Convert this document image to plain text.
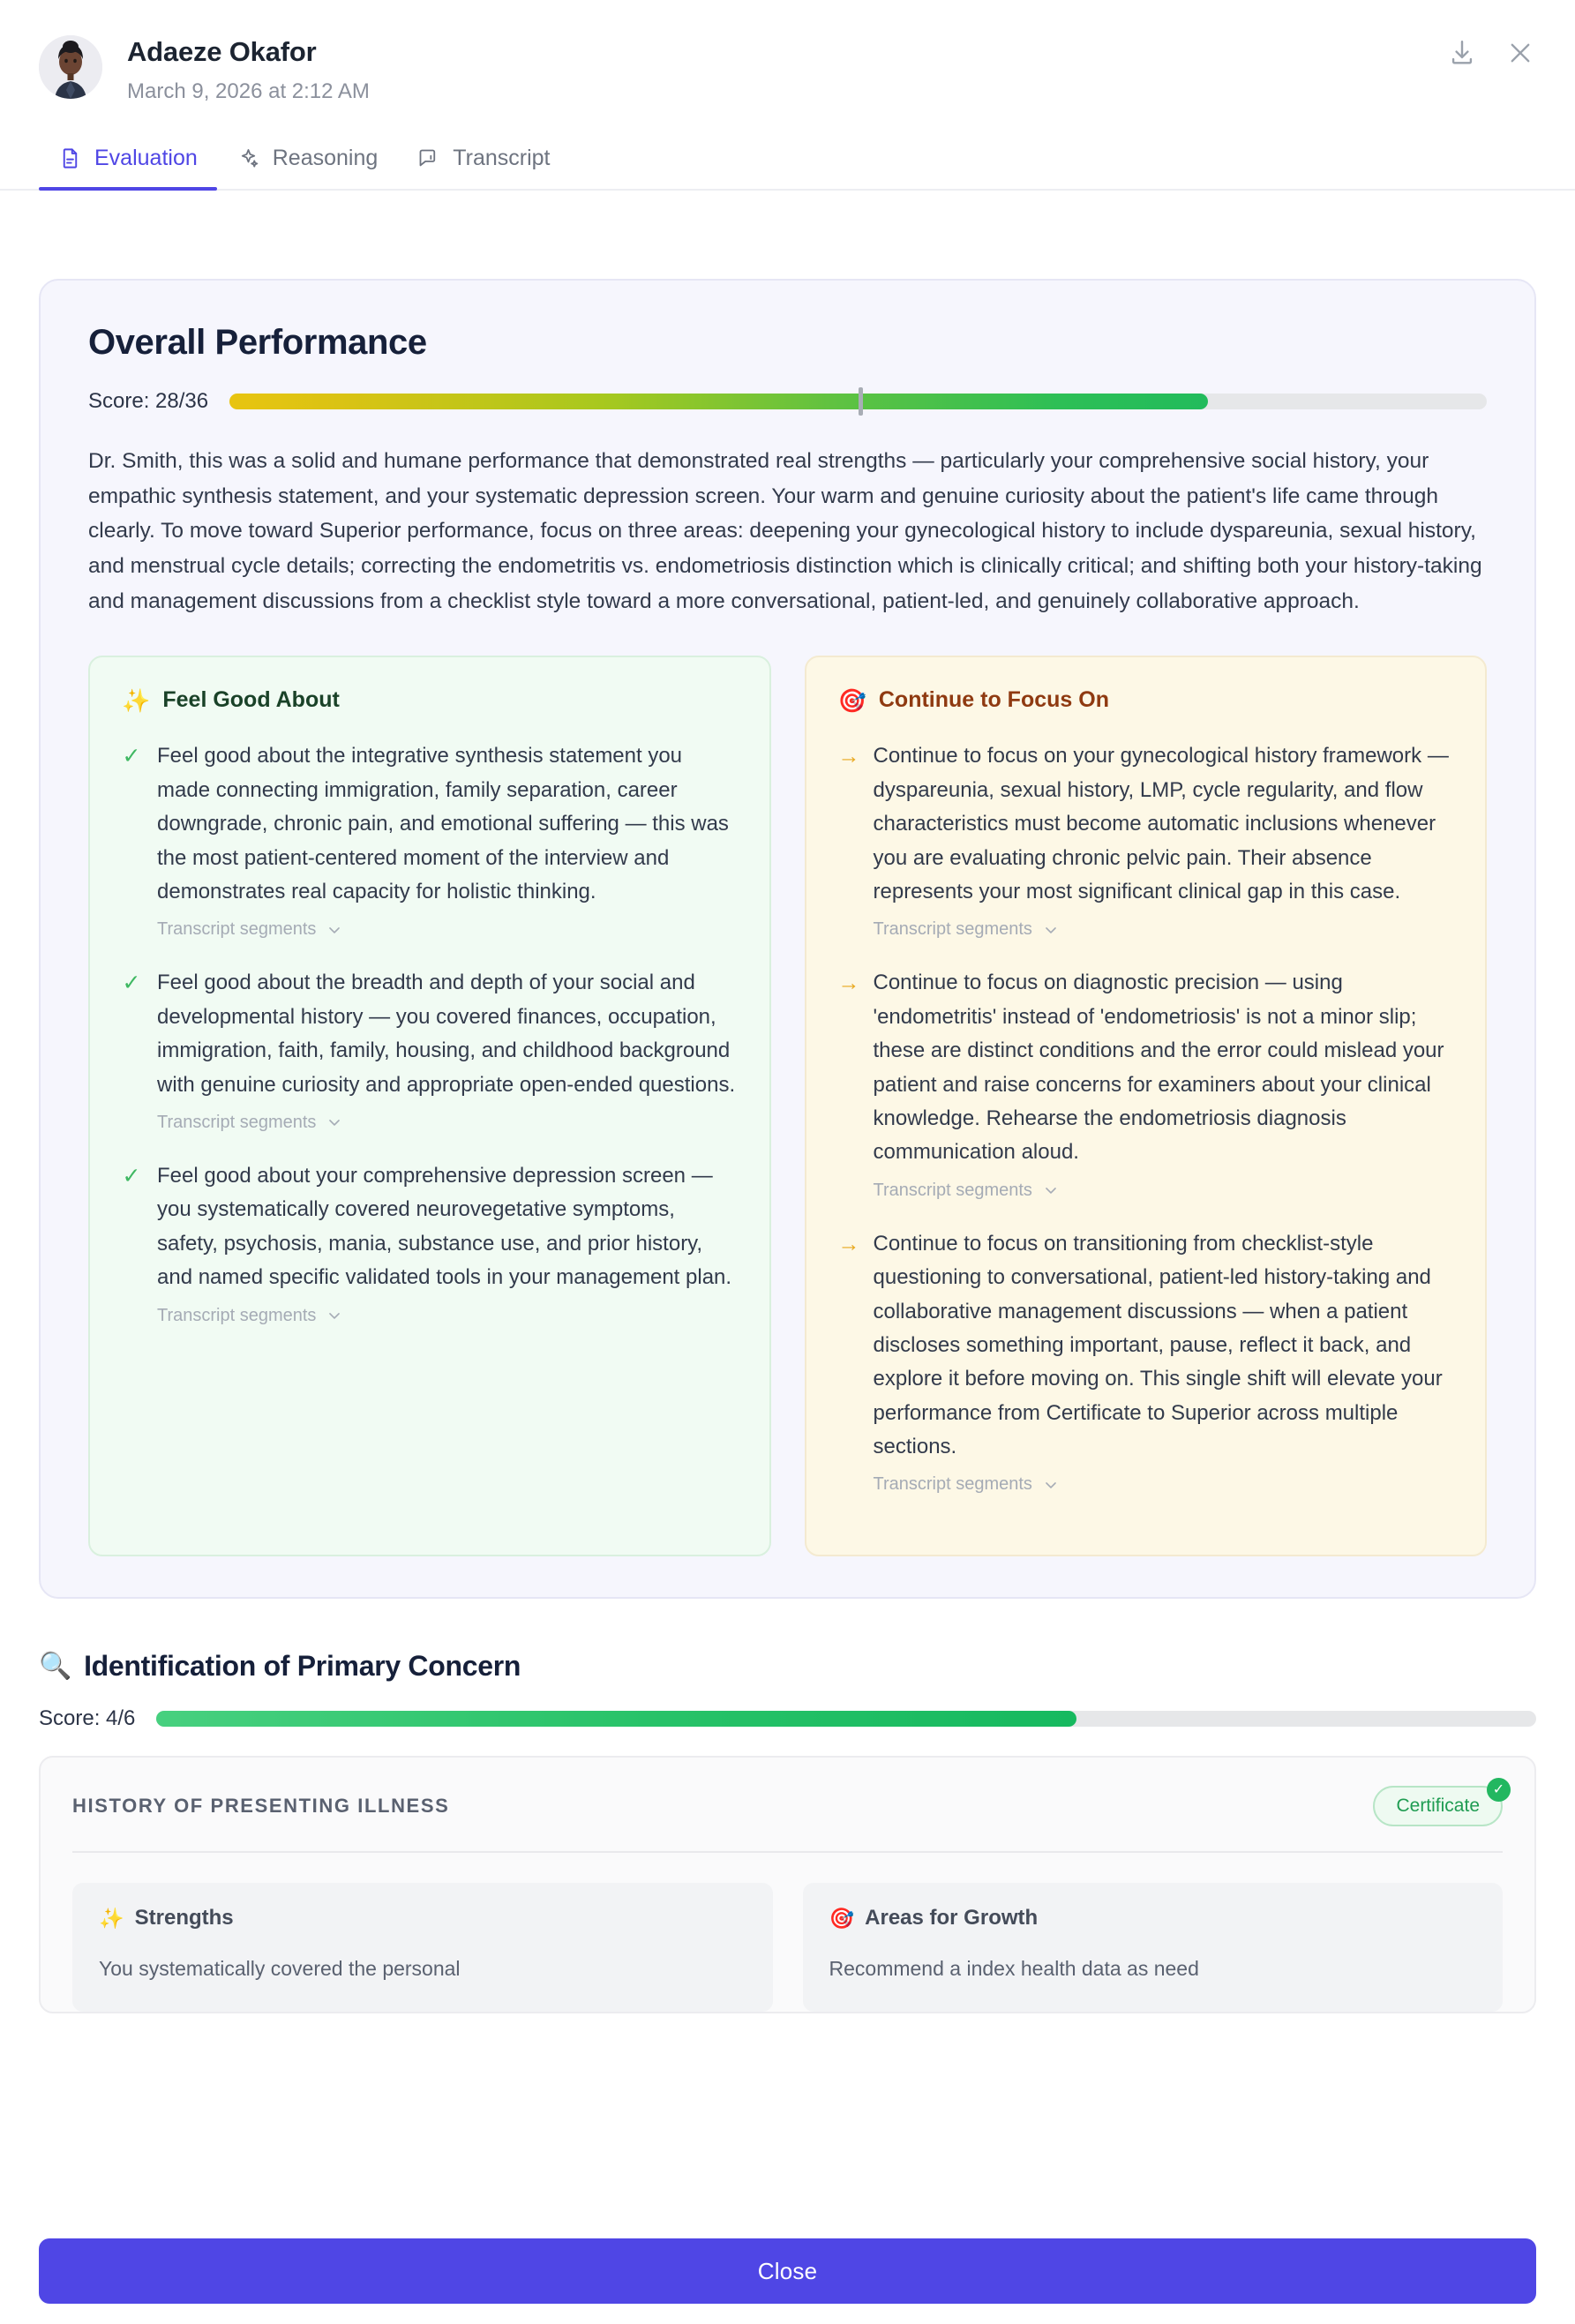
Adaeze Okafor
March 9, 2026 at 2:12 AM
Evaluation	Reasoning	Transcript
Overall Performance
Score: 28/36
Dr. Smith, this was a solid and humane performance that demonstrated real strengths — particularly your comprehensive social history, your empathic synthesis statement, and your systematic depression screen. Your warm and genuine curiosity about the patient's life came through clearly. To move toward Superior performance, focus on three areas: deepening your gynecological history to include dyspareunia, sexual history, and menstrual cycle details; correcting the endometritis vs. endometriosis distinction which is clinically critical; and shifting both your history-taking and management discussions from a checklist style toward a more conversational, patient-led, and genuinely collaborative approach.
✨ Feel Good About
✓ Feel good about the integrative synthesis statement you made connecting immigration, family separation, career downgrade, chronic pain, and emotional suffering — this was the most patient-centered moment of the interview and demonstrates real capacity for holistic thinking.
Transcript segments
✓ Feel good about the breadth and depth of your social and developmental history — you covered finances, occupation, immigration, faith, family, housing, and childhood background with genuine curiosity and appropriate open-ended questions.
Transcript segments
✓ Feel good about your comprehensive depression screen — you systematically covered neurovegetative symptoms, safety, psychosis, mania, substance use, and prior history, and named specific validated tools in your management plan.
Transcript segments
🎯 Continue to Focus On
→ Continue to focus on your gynecological history framework — dyspareunia, sexual history, LMP, cycle regularity, and flow characteristics must become automatic inclusions whenever you are evaluating chronic pelvic pain. Their absence represents your most significant clinical gap in this case.
Transcript segments
→ Continue to focus on diagnostic precision — using 'endometritis' instead of 'endometriosis' is not a minor slip; these are distinct conditions and the error could mislead your patient and raise concerns for examiners about your clinical knowledge. Rehearse the endometriosis diagnosis communication aloud.
Transcript segments
→ Continue to focus on transitioning from checklist-style questioning to conversational, patient-led history-taking and collaborative management discussions — when a patient discloses something important, pause, reflect it back, and explore it before moving on. This single shift will elevate your performance from Certificate to Superior across multiple sections.
Transcript segments
🔍 Identification of Primary Concern
Score: 4/6
HISTORY OF PRESENTING ILLNESS	Certificate
✓
✨ Strengths
You systematically covered the personal
🎯 Areas for Growth
Recommend a index health data as need
Close
